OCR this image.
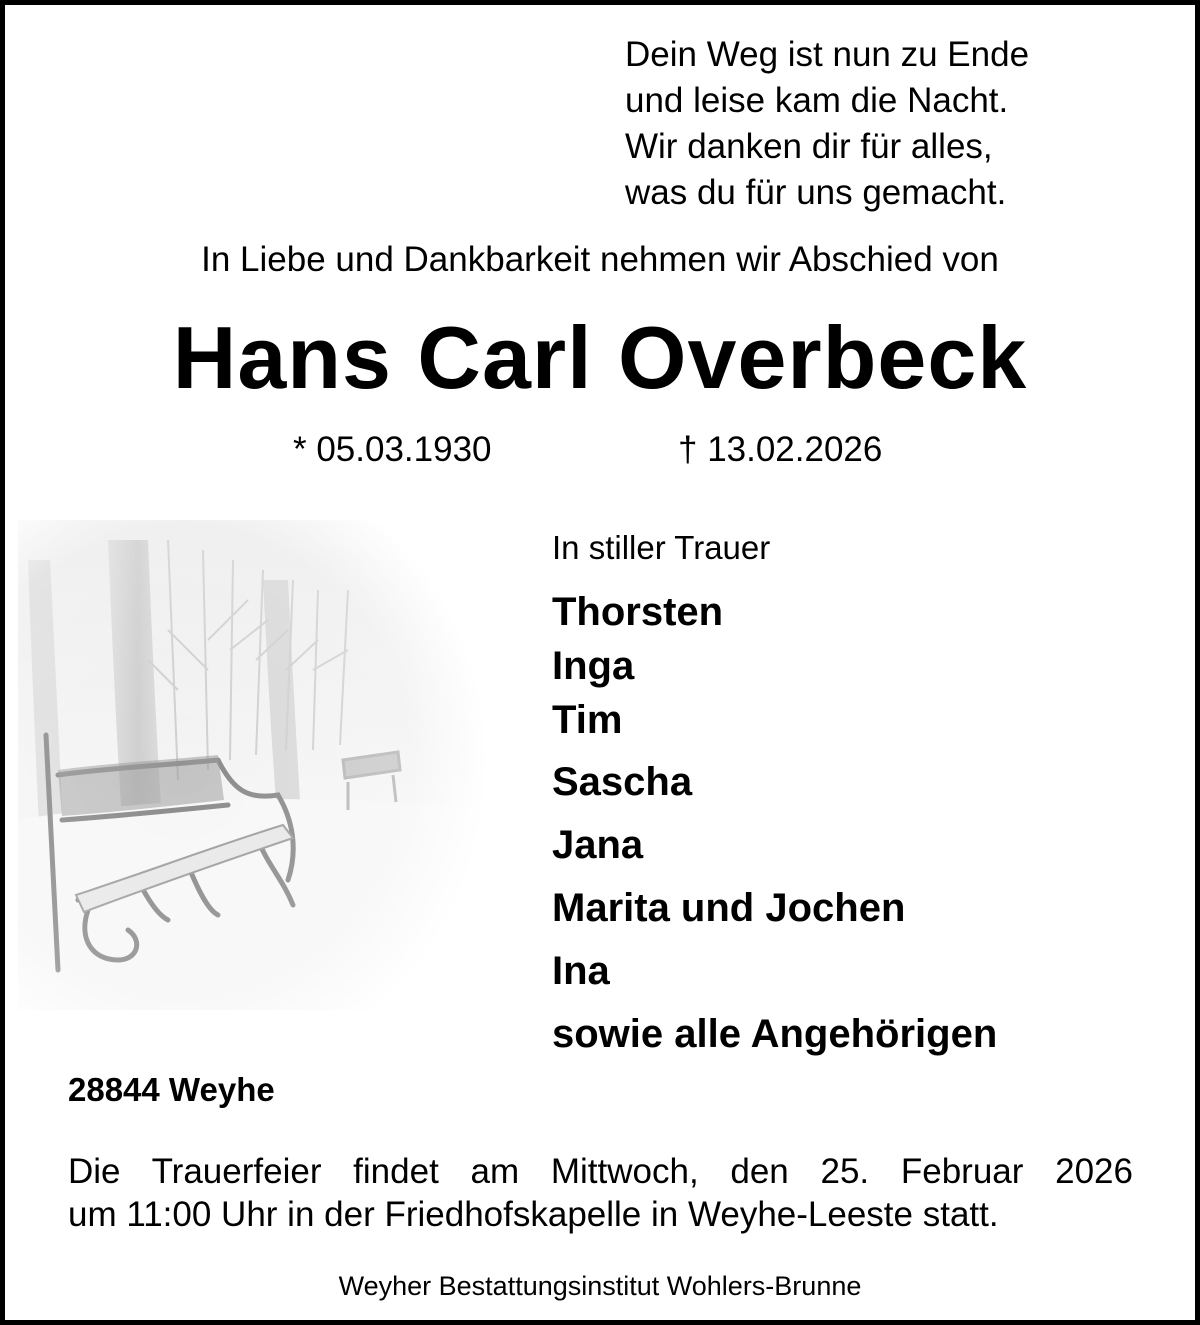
Dein Weg ist nun zu Ende
und leise kam die Nacht.
Wir danken dir für alles,
was du für uns gemacht.
In Liebe und Dankbarkeit nehmen wir Abschied von
Hans Carl Overbeck
* 05.03.1930	† 13.02.2026
In stiller Trauer
Thorsten
Inga
Tim
Sascha
Jana
Marita und Jochen
Ina
sowie alle Angehörigen
28844 Weyhe
Die Trauerfeier findet am Mittwoch, den 25. Februar 2026
um 11:00 Uhr in der Friedhofskapelle in Weyhe-Leeste statt.
Weyher Bestattungsinstitut Wohlers-Brunne
